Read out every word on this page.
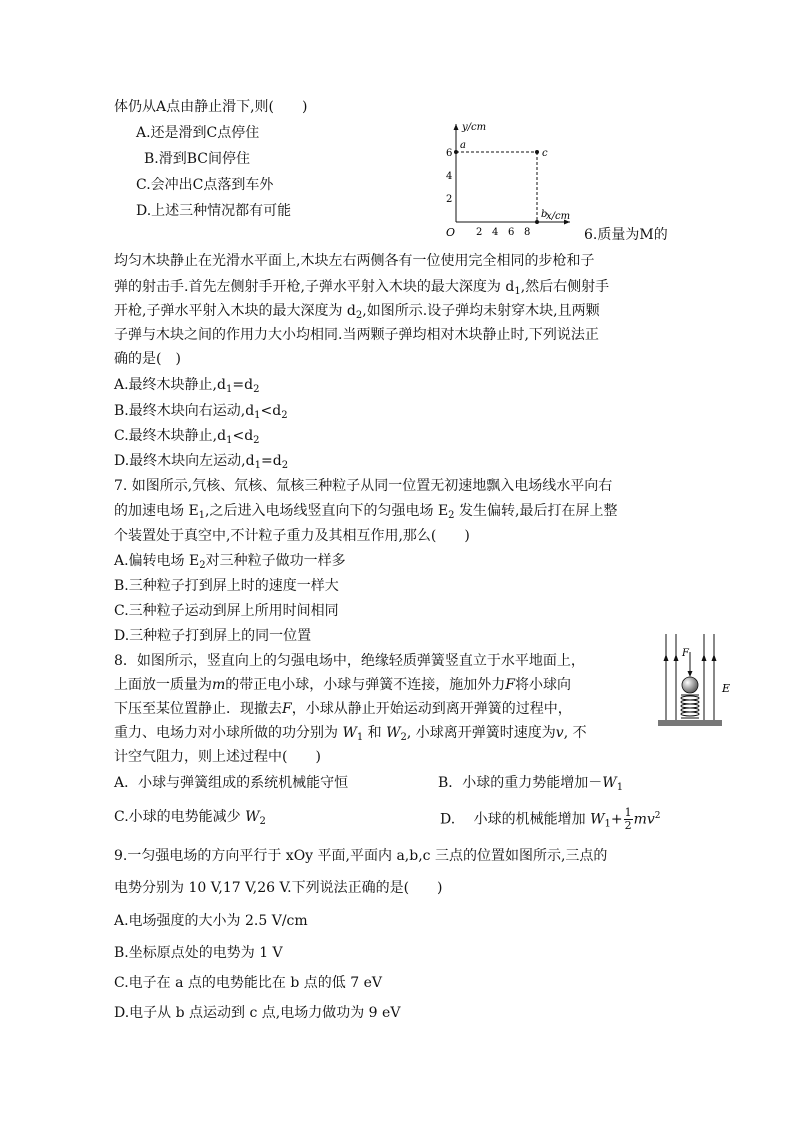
体仍从A点由静止滑下,则(　　)
A.还是滑到C点停住
B.滑到BC间停住
C.会冲出C点落到车外
D.上述三种情况都有可能
y/cm
x/cm
O
6
4
2
2 4 6 8
a
c
b
6.质量为M的
均匀木块静止在光滑水平面上,木块左右两侧各有一位使用完全相同的步枪和子
弹的射击手.首先左侧射手开枪,子弹水平射入木块的最大深度为 $d_1$,然后右侧射手
开枪,子弹水平射入木块的最大深度为 $d_2$,如图所示.设子弹均未射穿木块,且两颗
子弹与木块之间的作用力大小均相同.当两颗子弹均相对木块静止时,下列说法正
确的是(　)
A.最终木块静止$,d_1=d_2$
B.最终木块向右运动$,d_1<d_2$
C.最终木块静止$,d_1<d_2$
D.最终木块向左运动$,d_1=d_2$
7. 如图所示,氕核、氘核、氚核三种粒子从同一位置无初速地飘入电场线水平向右
的加速电场 $E_1$,之后进入电场线竖直向下的匀强电场 $E_2$ 发生偏转,最后打在屏上整
个装置处于真空中,不计粒子重力及其相互作用,那么(　　)
A.偏转电场 $E_2$对三种粒子做功一样多
B.三种粒子打到屏上时的速度一样大
C.三种粒子运动到屏上所用时间相同
D.三种粒子打到屏上的同一位置
8．如图所示，竖直向上的匀强电场中，绝缘轻质弹簧竖直立于水平地面上，
上面放一质量为m的带正电小球，小球与弹簧不连接，施加外力F将小球向
下压至某位置静止．现撤去F，小球从静止开始运动到离开弹簧的过程中，
重力、电场力对小球所做的功分别为 $W_1$ 和 $W_2$, 小球离开弹簧时速度为v, 不
计空气阻力，则上述过程中(　　)
A．小球与弹簧组成的系统机械能守恒	B．小球的重力势能增加$-W_1$
C.小球的电势能减少 $W_2$	D.　 小球的机械能增加 $W_1+ \frac{1}{2} mv^2$
F
E
9.一匀强电场的方向平行于 xOy 平面,平面内 a,b,c 三点的位置如图所示,三点的
电势分别为 10 V,17 V,26 V.下列说法正确的是(　　)
A.电场强度的大小为 2.5 V/cm
B.坐标原点处的电势为 1 V
C.电子在 a 点的电势能比在 b 点的低 7 eV
D.电子从 b 点运动到 c 点,电场力做功为 9 eV
